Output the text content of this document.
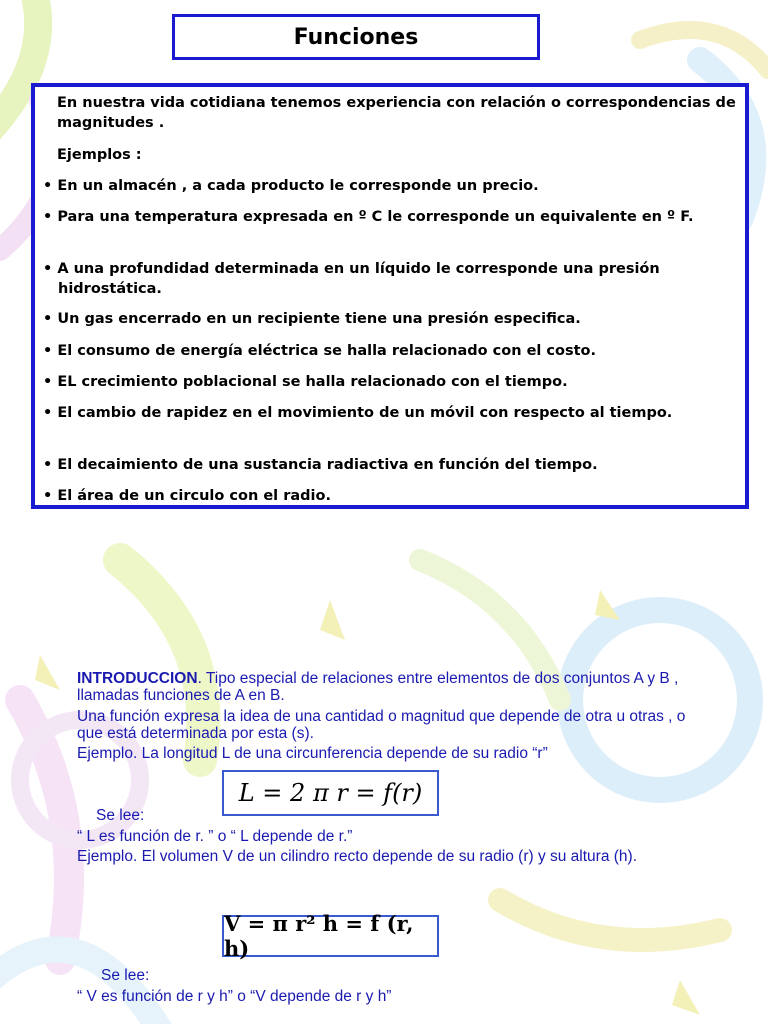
Funciones
En nuestra vida cotidiana tenemos experiencia con relación o correspondencias de magnitudes .
Ejemplos :
• En un almacén , a cada producto le corresponde un precio.
• Para una temperatura expresada en º C le corresponde un equivalente en º F.
• A una profundidad determinada en un líquido le corresponde una presión hidrostática.
• Un gas encerrado en un recipiente tiene una presión especifica.
• El consumo de energía eléctrica se halla relacionado con el costo.
• EL crecimiento poblacional se halla relacionado con el tiempo.
• El cambio de rapidez en el movimiento de un móvil con respecto al tiempo.
• El decaimiento de una sustancia radiactiva en función del tiempo.
• El área de un circulo con el radio.
INTRODUCCION. Tipo especial de relaciones entre elementos de dos conjuntos A y B , llamadas funciones de A en B.
Una función expresa la idea de una cantidad o magnitud que depende de otra u otras , o que está determinada por esta (s).
Ejemplo. La longitud L de una circunferencia depende de su radio “r”
L = 2 π r = f(r)
Se lee:
“ L es función de r. ” o “ L depende de r.”
Ejemplo. El volumen V de un cilindro recto depende de su radio (r) y su altura (h).
V = π r² h = f (r, h)
Se lee:
“ V es función de r y h” o “V depende de r y h”
